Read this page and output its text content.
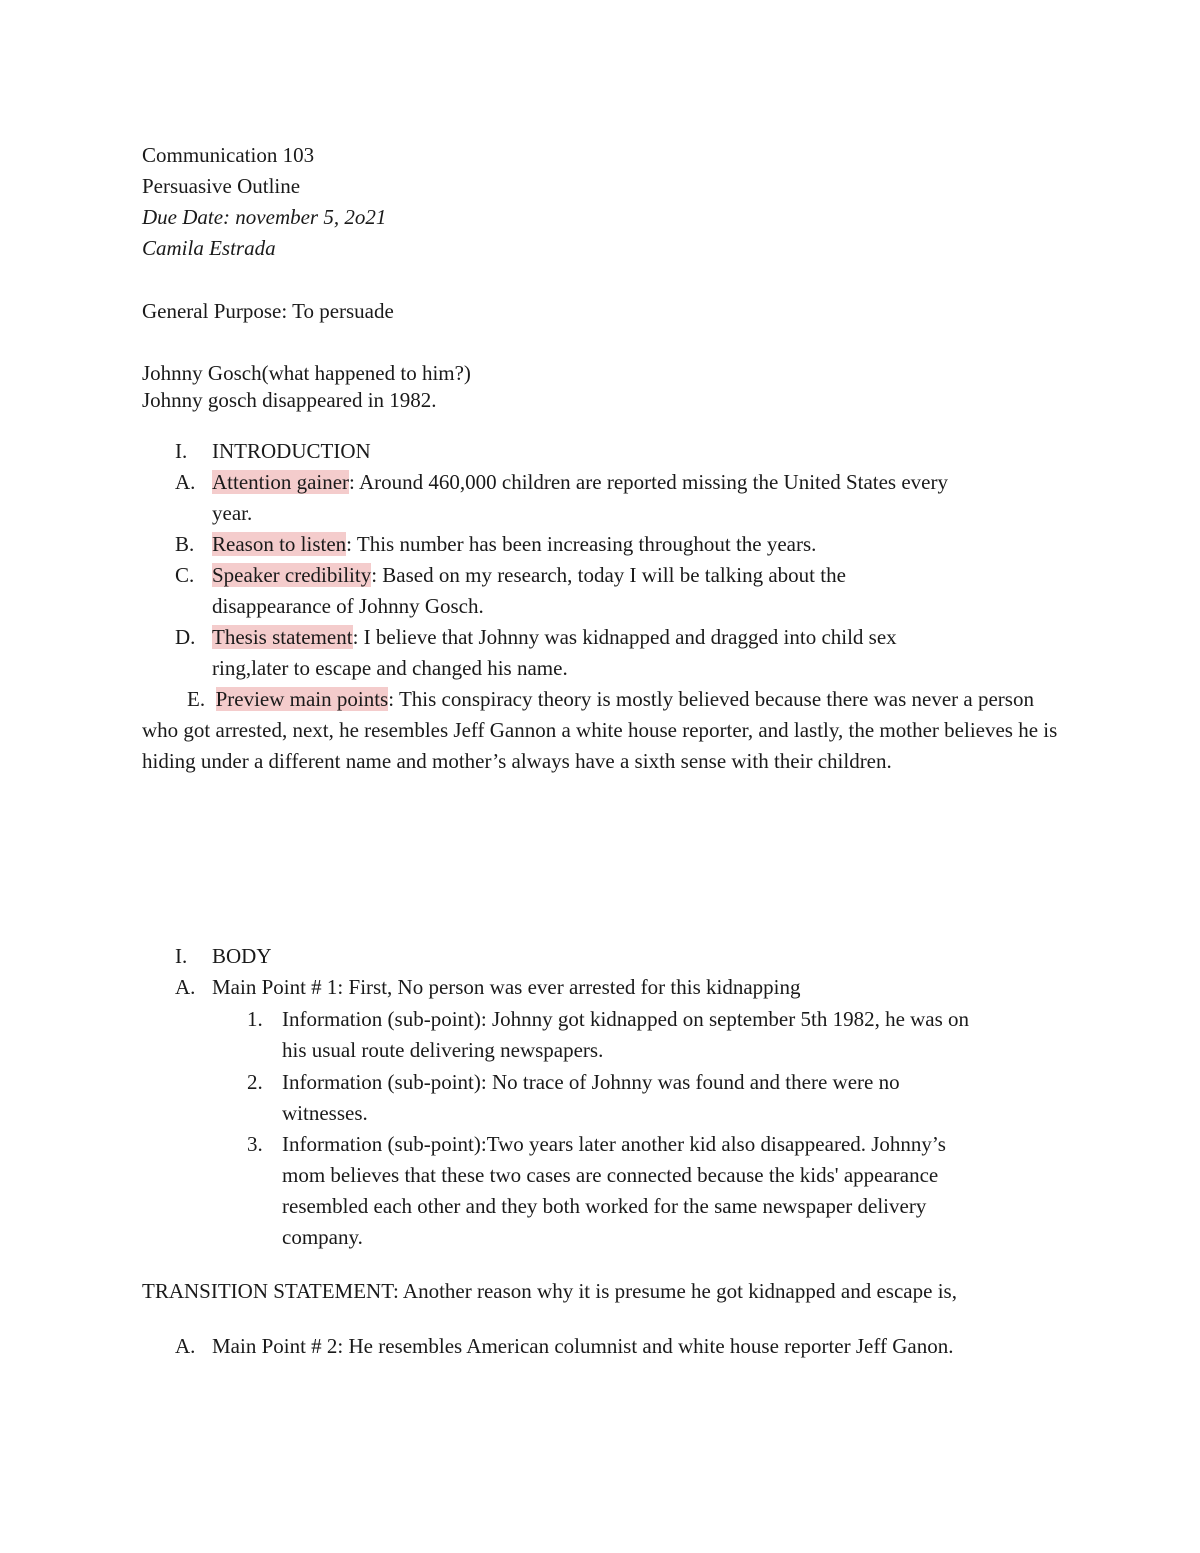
Communication 103
Persuasive Outline
Due Date: november 5, 2o21
Camila Estrada
General Purpose: To persuade
Johnny Gosch(what happened to him?)
Johnny gosch disappeared in 1982.
I. INTRODUCTION
A. Attention gainer: Around 460,000 children are reported missing the United States every
year.
B. Reason to listen: This number has been increasing throughout the years.
C. Speaker credibility: Based on my research, today I will be talking about the
disappearance of Johnny Gosch.
D. Thesis statement: I believe that Johnny was kidnapped and dragged into child sex
ring,later to escape and changed his name.
E. Preview main points: This conspiracy theory is mostly believed because there was never a person who got arrested, next, he resembles Jeff Gannon a white house reporter, and lastly, the mother believes he is hiding under a different name and mother’s always have a sixth sense with their children.
I. BODY
A. Main Point # 1: First, No person was ever arrested for this kidnapping
1. Information (sub-point): Johnny got kidnapped on september 5th 1982, he was on
his usual route delivering newspapers.
2. Information (sub-point): No trace of Johnny was found and there were no
witnesses.
3. Information (sub-point):Two years later another kid also disappeared. Johnny’s
mom believes that these two cases are connected because the kids' appearance
resembled each other and they both worked for the same newspaper delivery
company.
TRANSITION STATEMENT: Another reason why it is presume he got kidnapped and escape is,
A. Main Point # 2: He resembles American columnist and white house reporter Jeff Ganon.
